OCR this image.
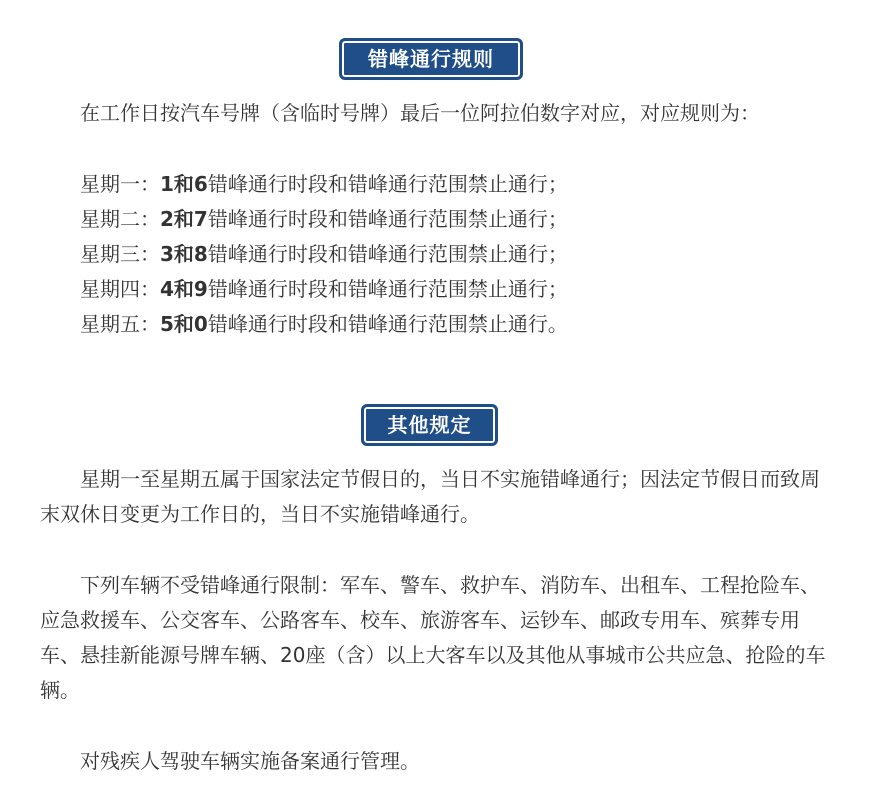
错峰通行规则

在工作日按汽车号牌（含临时号牌）最后一位阿拉伯数字对应，对应规则为：

星期一：1和6错峰通行时段和错峰通行范围禁止通行；

星期二：2和7错峰通行时段和错峰通行范围禁止通行；

星期三：3和8错峰通行时段和错峰通行范围禁止通行；

星期四：4和9错峰通行时段和错峰通行范围禁止通行；

星期五：5和0错峰通行时段和错峰通行范围禁止通行。

其他规定

星期一至星期五属于国家法定节假日的，当日不实施错峰通行；因法定节假日而致周末双休日变更为工作日的，当日不实施错峰通行。

下列车辆不受错峰通行限制：军车、警车、救护车、消防车、出租车、工程抢险车、应急救援车、公交客车、公路客车、校车、旅游客车、运钞车、邮政专用车、殡葬专用车、悬挂新能源号牌车辆、20座（含）以上大客车以及其他从事城市公共应急、抢险的车辆。

对残疾人驾驶车辆实施备案通行管理。
